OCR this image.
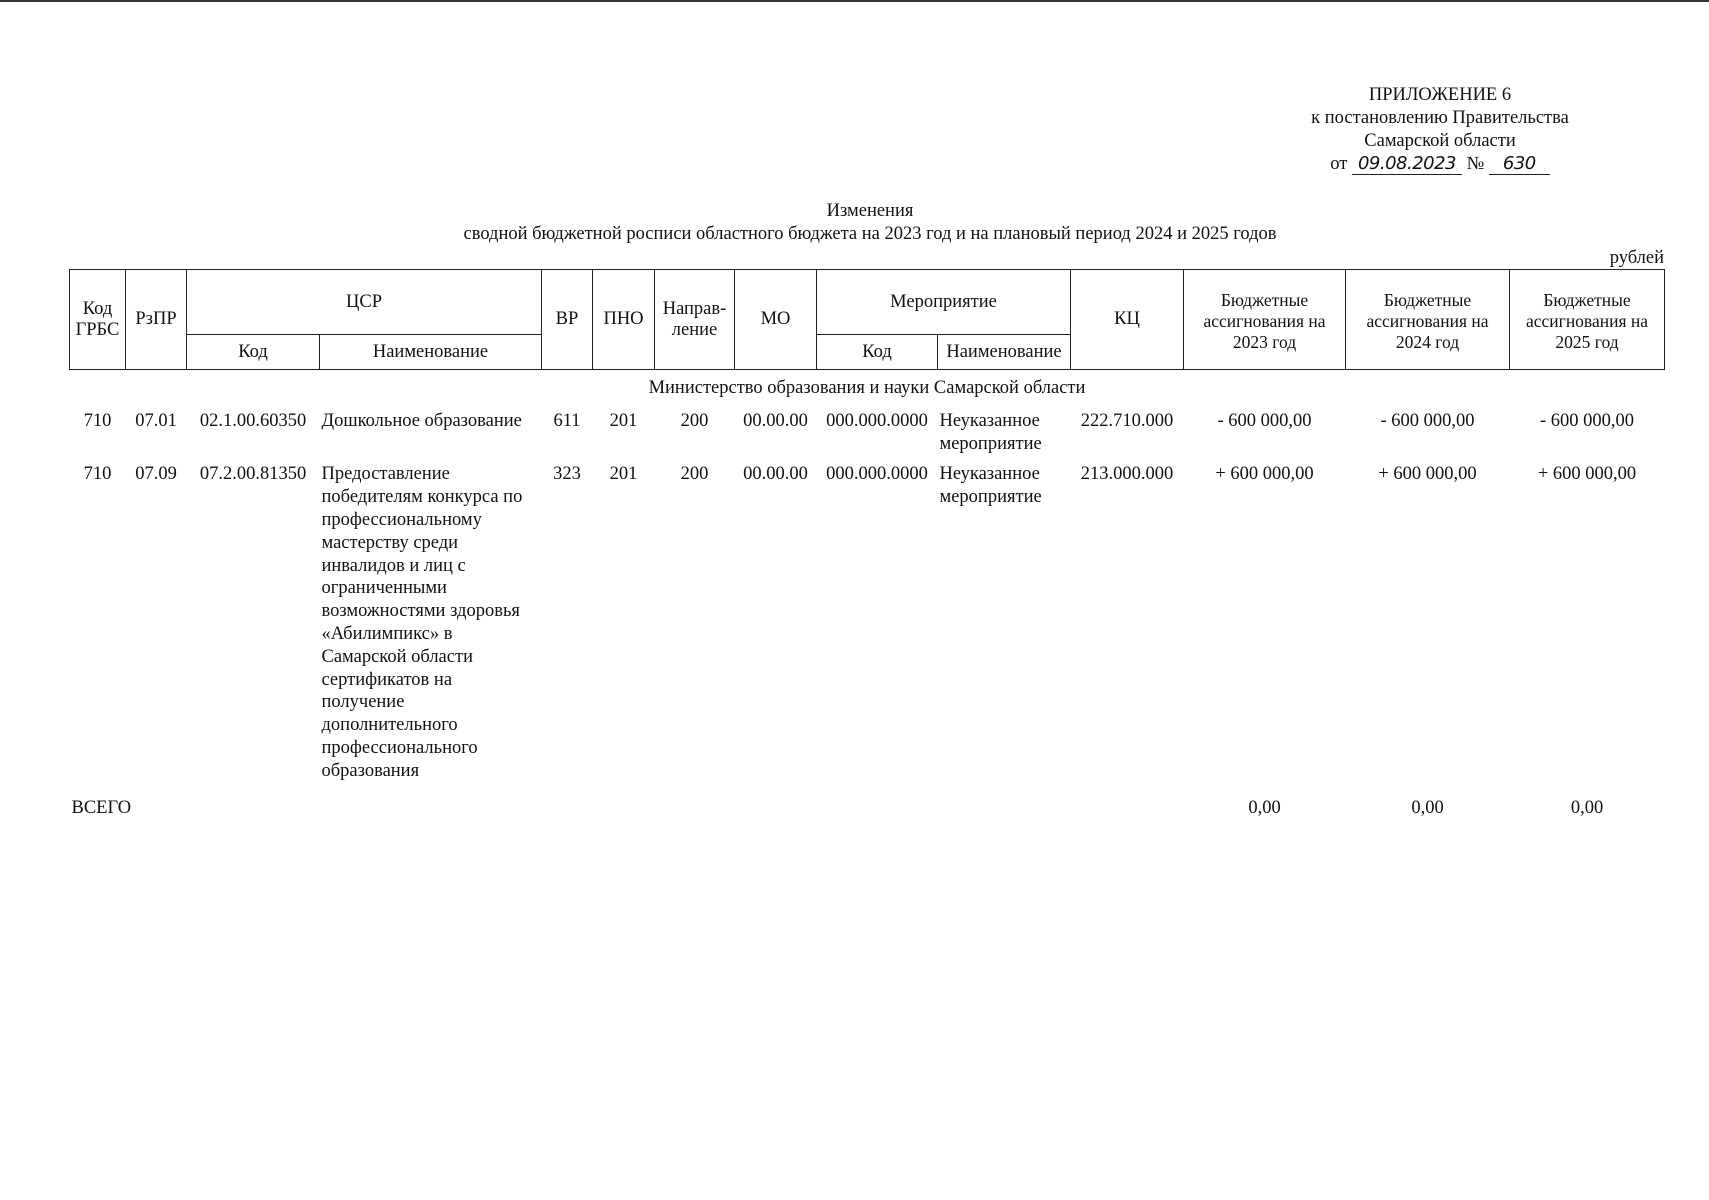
ПРИЛОЖЕНИЕ 6
к постановлению Правительства
Самарской области
от 09.08.2023 № 630
Изменения
сводной бюджетной росписи областного бюджета на 2023 год и на плановый период 2024 и 2025 годов
рублей
Код ГРБС	РзПР	ЦСР		ВР	ПНО	Направ-ление	МО	Мероприятие		КЦ	Бюджетные ассигнования на 2023 год	Бюджетные ассигнования на 2024 год	Бюджетные ассигнования на 2025 год
		Код	Наименование					Код	Наименование				
Министерство образования и науки Самарской области													
710	07.01	02.1.00.60350	Дошкольное образование	611	201	200	00.00.00	000.000.0000	Неуказанное мероприятие	222.710.000	- 600 000,00	- 600 000,00	- 600 000,00
710	07.09	07.2.00.81350	Предоставление победителям конкурса по профессиональному мастерству среди инвалидов и лиц с ограниченными возможностями здоровья «Абилимпикс» в Самарской области сертификатов на получение дополнительного профессионального образования	323	201	200	00.00.00	000.000.0000	Неуказанное мероприятие	213.000.000	+ 600 000,00	+ 600 000,00	+ 600 000,00
ВСЕГО											0,00	0,00	0,00
